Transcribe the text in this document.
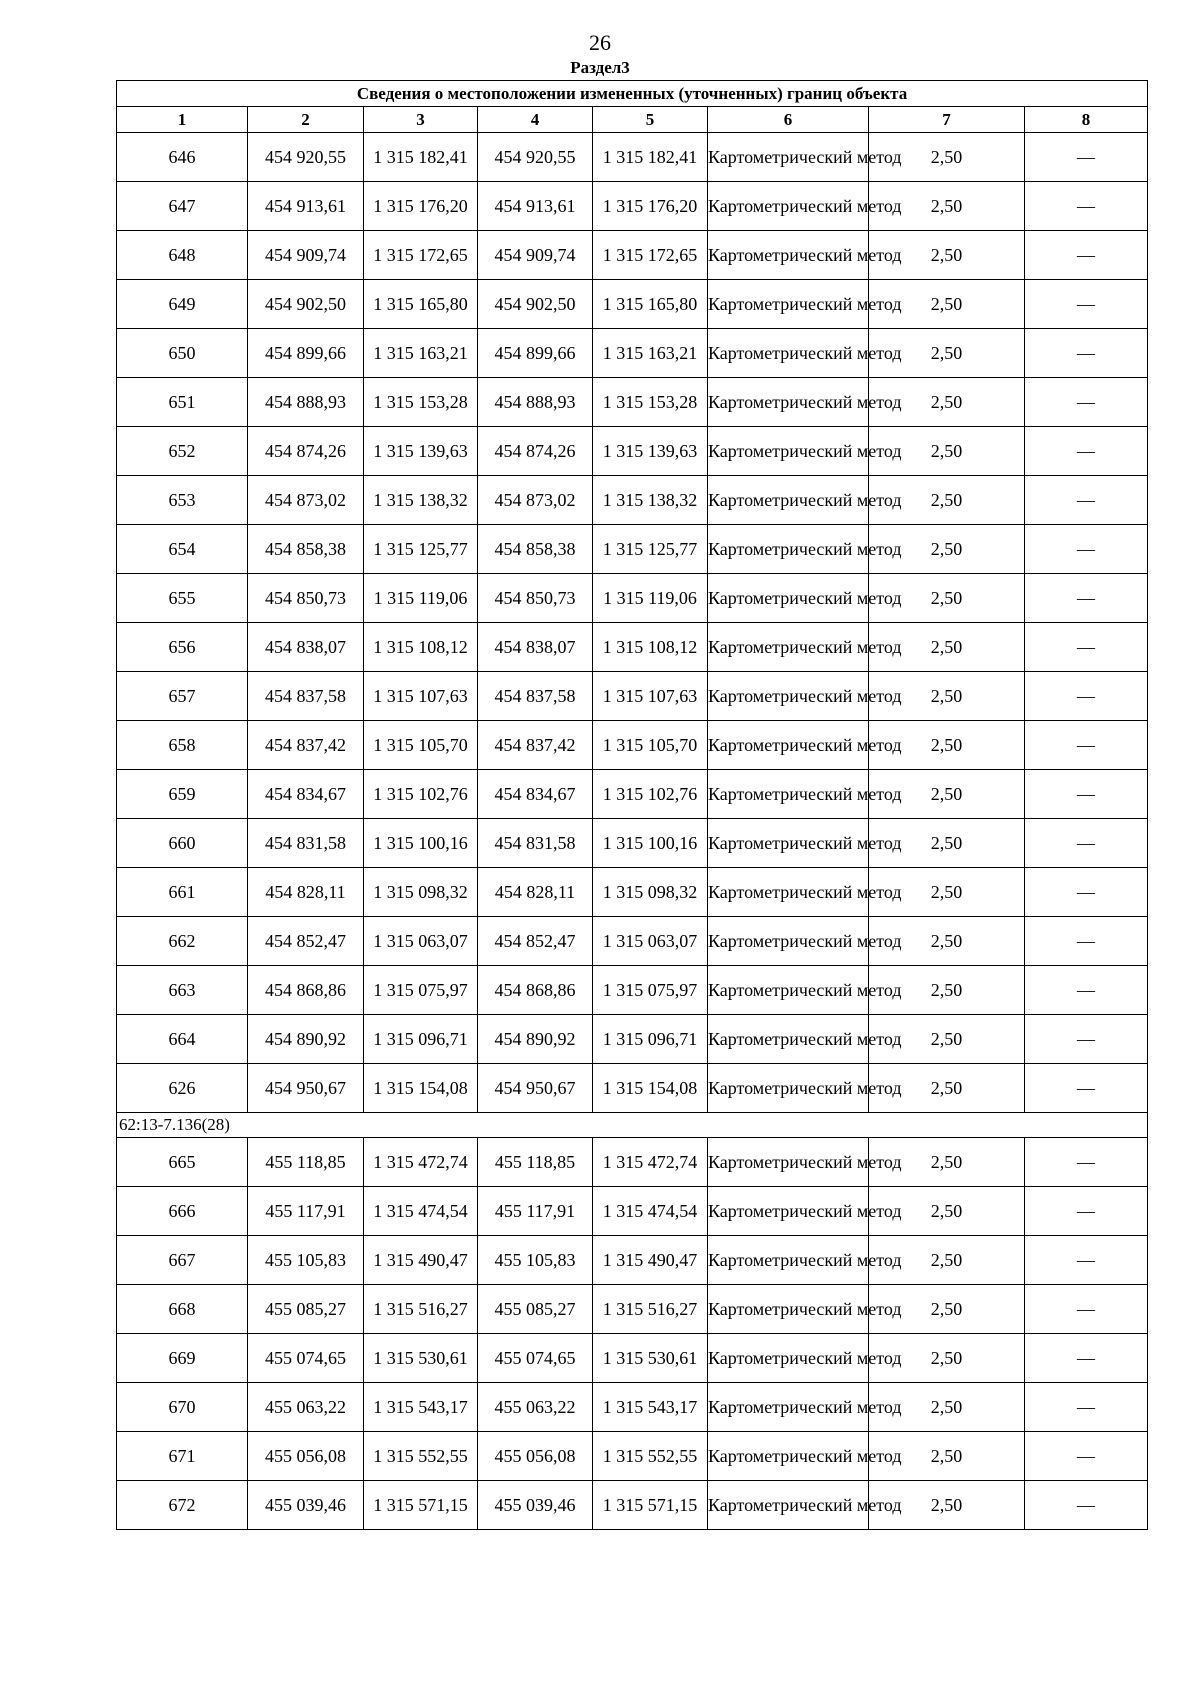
26
Раздел3
Сведения о местоположении измененных (уточненных) границ объекта							
1	2	3	4	5	6	7	8
646	454 920,55	1 315 182,41	454 920,55	1 315 182,41	Картометрический метод	2,50	—
647	454 913,61	1 315 176,20	454 913,61	1 315 176,20	Картометрический метод	2,50	—
648	454 909,74	1 315 172,65	454 909,74	1 315 172,65	Картометрический метод	2,50	—
649	454 902,50	1 315 165,80	454 902,50	1 315 165,80	Картометрический метод	2,50	—
650	454 899,66	1 315 163,21	454 899,66	1 315 163,21	Картометрический метод	2,50	—
651	454 888,93	1 315 153,28	454 888,93	1 315 153,28	Картометрический метод	2,50	—
652	454 874,26	1 315 139,63	454 874,26	1 315 139,63	Картометрический метод	2,50	—
653	454 873,02	1 315 138,32	454 873,02	1 315 138,32	Картометрический метод	2,50	—
654	454 858,38	1 315 125,77	454 858,38	1 315 125,77	Картометрический метод	2,50	—
655	454 850,73	1 315 119,06	454 850,73	1 315 119,06	Картометрический метод	2,50	—
656	454 838,07	1 315 108,12	454 838,07	1 315 108,12	Картометрический метод	2,50	—
657	454 837,58	1 315 107,63	454 837,58	1 315 107,63	Картометрический метод	2,50	—
658	454 837,42	1 315 105,70	454 837,42	1 315 105,70	Картометрический метод	2,50	—
659	454 834,67	1 315 102,76	454 834,67	1 315 102,76	Картометрический метод	2,50	—
660	454 831,58	1 315 100,16	454 831,58	1 315 100,16	Картометрический метод	2,50	—
661	454 828,11	1 315 098,32	454 828,11	1 315 098,32	Картометрический метод	2,50	—
662	454 852,47	1 315 063,07	454 852,47	1 315 063,07	Картометрический метод	2,50	—
663	454 868,86	1 315 075,97	454 868,86	1 315 075,97	Картометрический метод	2,50	—
664	454 890,92	1 315 096,71	454 890,92	1 315 096,71	Картометрический метод	2,50	—
626	454 950,67	1 315 154,08	454 950,67	1 315 154,08	Картометрический метод	2,50	—
62:13-7.136(28)							
665	455 118,85	1 315 472,74	455 118,85	1 315 472,74	Картометрический метод	2,50	—
666	455 117,91	1 315 474,54	455 117,91	1 315 474,54	Картометрический метод	2,50	—
667	455 105,83	1 315 490,47	455 105,83	1 315 490,47	Картометрический метод	2,50	—
668	455 085,27	1 315 516,27	455 085,27	1 315 516,27	Картометрический метод	2,50	—
669	455 074,65	1 315 530,61	455 074,65	1 315 530,61	Картометрический метод	2,50	—
670	455 063,22	1 315 543,17	455 063,22	1 315 543,17	Картометрический метод	2,50	—
671	455 056,08	1 315 552,55	455 056,08	1 315 552,55	Картометрический метод	2,50	—
672	455 039,46	1 315 571,15	455 039,46	1 315 571,15	Картометрический метод	2,50	—
